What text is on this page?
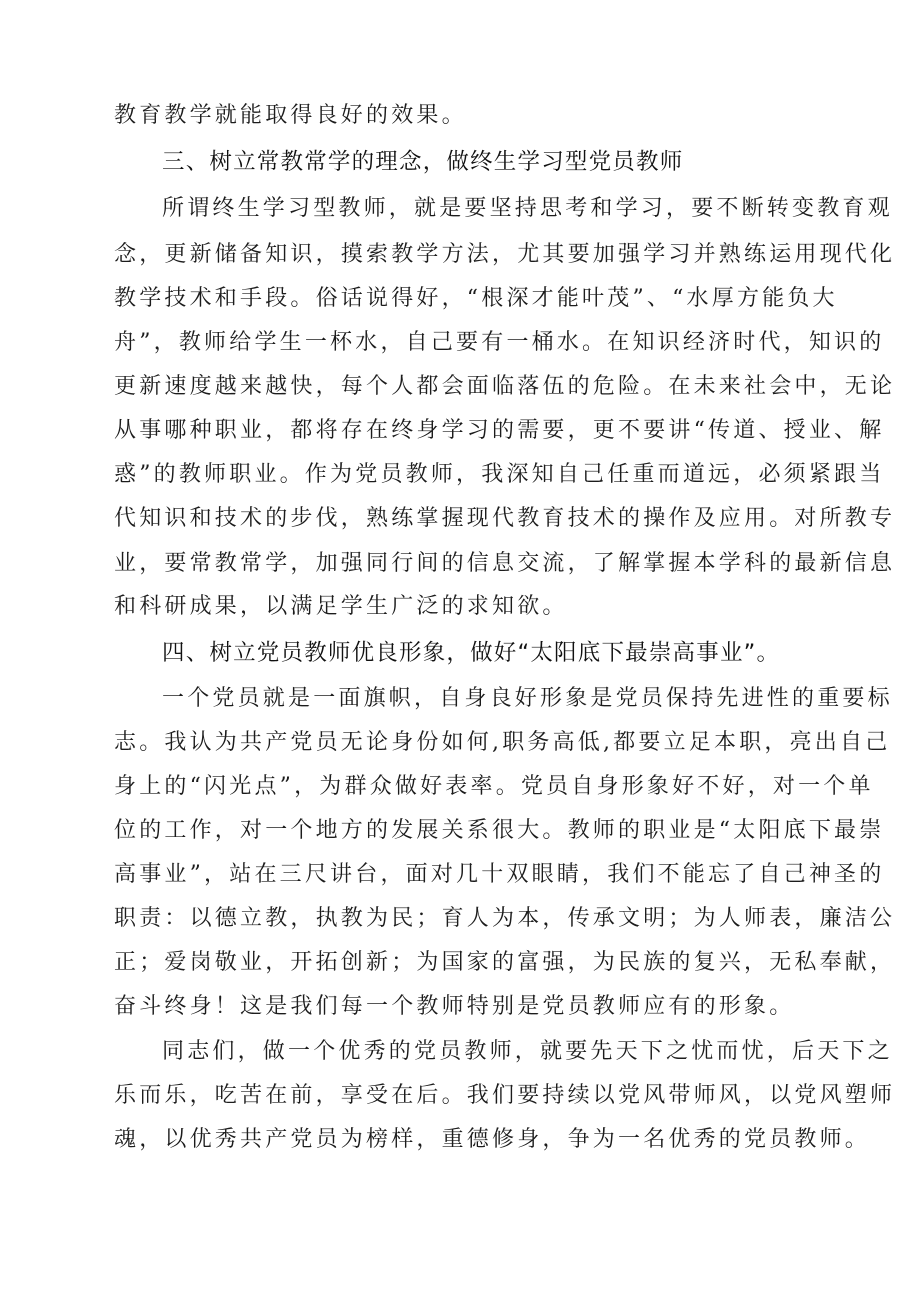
教育教学就能取得良好的效果。
三、树立常教常学的理念，做终生学习型党员教师
所谓终生学习型教师，就是要坚持思考和学习，要不断转变教育观
念，更新储备知识，摸索教学方法，尤其要加强学习并熟练运用现代化
教学技术和手段。俗话说得好，“根深才能叶茂”、“水厚方能负大
舟”，教师给学生一杯水，自己要有一桶水。在知识经济时代，知识的
更新速度越来越快，每个人都会面临落伍的危险。在未来社会中，无论
从事哪种职业，都将存在终身学习的需要，更不要讲“传道、授业、解
惑”的教师职业。作为党员教师，我深知自己任重而道远，必须紧跟当
代知识和技术的步伐，熟练掌握现代教育技术的操作及应用。对所教专
业，要常教常学，加强同行间的信息交流，了解掌握本学科的最新信息
和科研成果，以满足学生广泛的求知欲。
四、树立党员教师优良形象，做好“太阳底下最崇高事业”。
一个党员就是一面旗帜，自身良好形象是党员保持先进性的重要标
志。我认为共产党员无论身份如何,职务高低,都要立足本职，亮出自己
身上的“闪光点”，为群众做好表率。党员自身形象好不好，对一个单
位的工作，对一个地方的发展关系很大。教师的职业是“太阳底下最崇
高事业”，站在三尺讲台，面对几十双眼睛，我们不能忘了自己神圣的
职责：以德立教，执教为民；育人为本，传承文明；为人师表，廉洁公
正；爱岗敬业，开拓创新；为国家的富强，为民族的复兴，无私奉献，
奋斗终身！这是我们每一个教师特别是党员教师应有的形象。
同志们，做一个优秀的党员教师，就要先天下之忧而忧，后天下之
乐而乐，吃苦在前，享受在后。我们要持续以党风带师风，以党风塑师
魂，以优秀共产党员为榜样，重德修身，争为一名优秀的党员教师。
